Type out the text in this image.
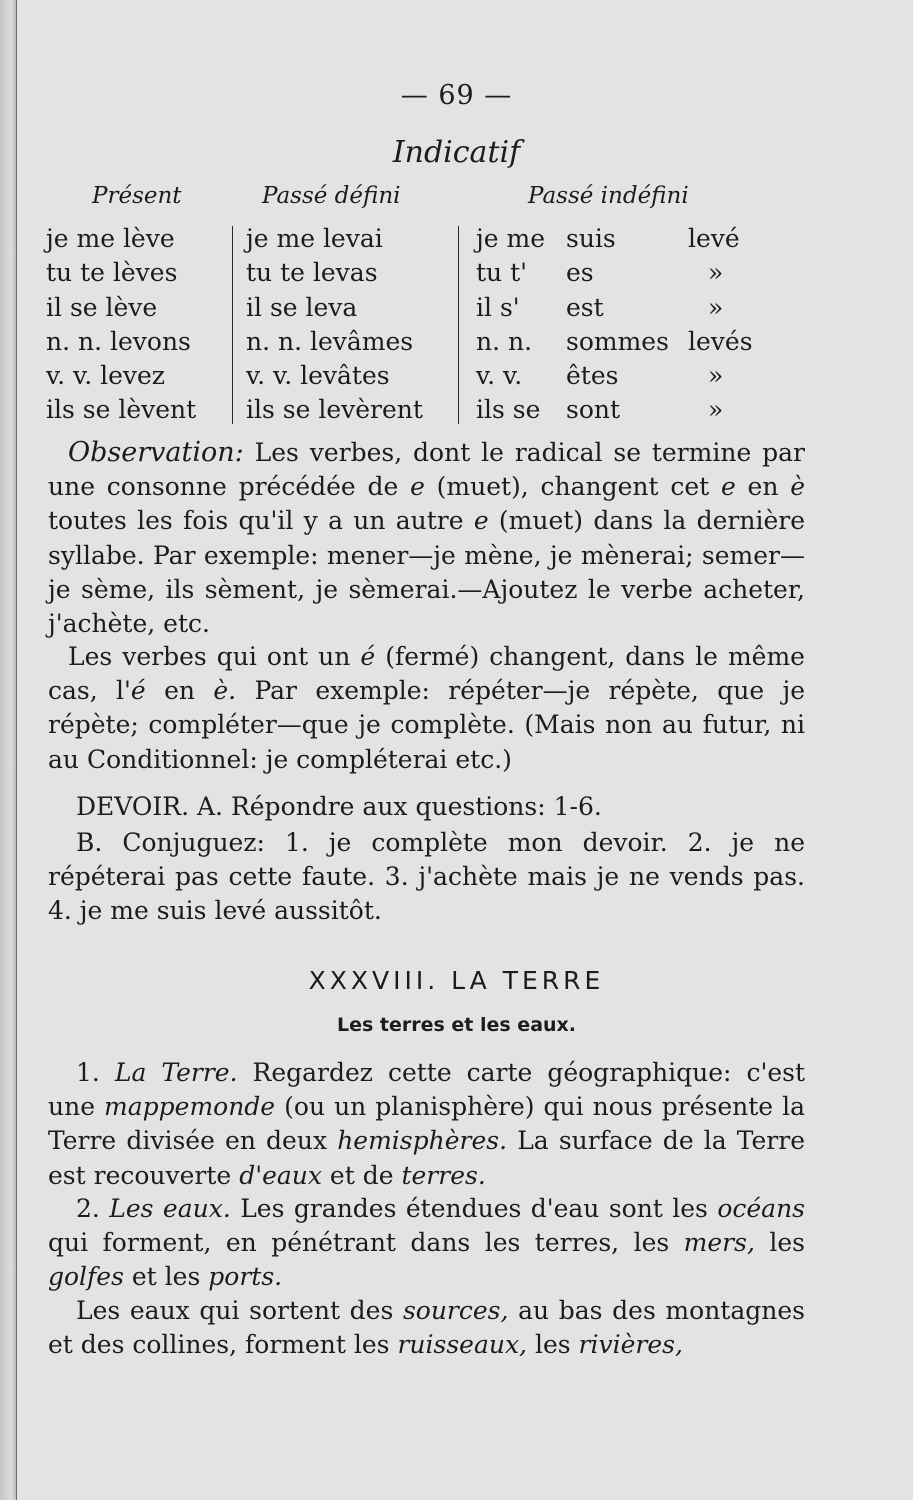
— 69 —
Indicatif
Présent	Passé défini	Passé indéfini
je me lève
tu te lèves
il se lève
n. n. levons
v. v. levez
ils se lèvent
je me levai
tu te levas
il se leva
n. n. levâmes
v. v. levâtes
ils se levèrent
je me
tu t'
il s'
n. n.
v. v.
ils se
suis
es
est
sommes
êtes
sont
levé
»
»
levés
»
»
Observation: Les verbes, dont le radical se termine par une consonne précédée de e (muet), changent cet e en è toutes les fois qu'il y a un autre e (muet) dans la dernière syllabe. Par exemple: mener—je mène, je mènerai; semer—je sème, ils sèment, je sèmerai.—Ajoutez le verbe acheter, j'achète, etc.
Les verbes qui ont un é (fermé) changent, dans le même cas, l'é en è. Par exemple: répéter—je répète, que je répète; compléter—que je complète. (Mais non au futur, ni au Conditionnel: je compléterai etc.)
DEVOIR. A. Répondre aux questions: 1-6.
B. Conjuguez: 1. je complète mon devoir. 2. je ne répéterai pas cette faute. 3. j'achète mais je ne vends pas. 4. je me suis levé aussitôt.
XXXVIII. LA TERRE
Les terres et les eaux.
1. La Terre. Regardez cette carte géographique: c'est une mappemonde (ou un planisphère) qui nous présente la Terre divisée en deux hemisphères. La surface de la Terre est recouverte d'eaux et de terres.
2. Les eaux. Les grandes étendues d'eau sont les océans qui forment, en pénétrant dans les terres, les mers, les golfes et les ports.
Les eaux qui sortent des sources, au bas des montagnes et des collines, forment les ruisseaux, les rivières,
